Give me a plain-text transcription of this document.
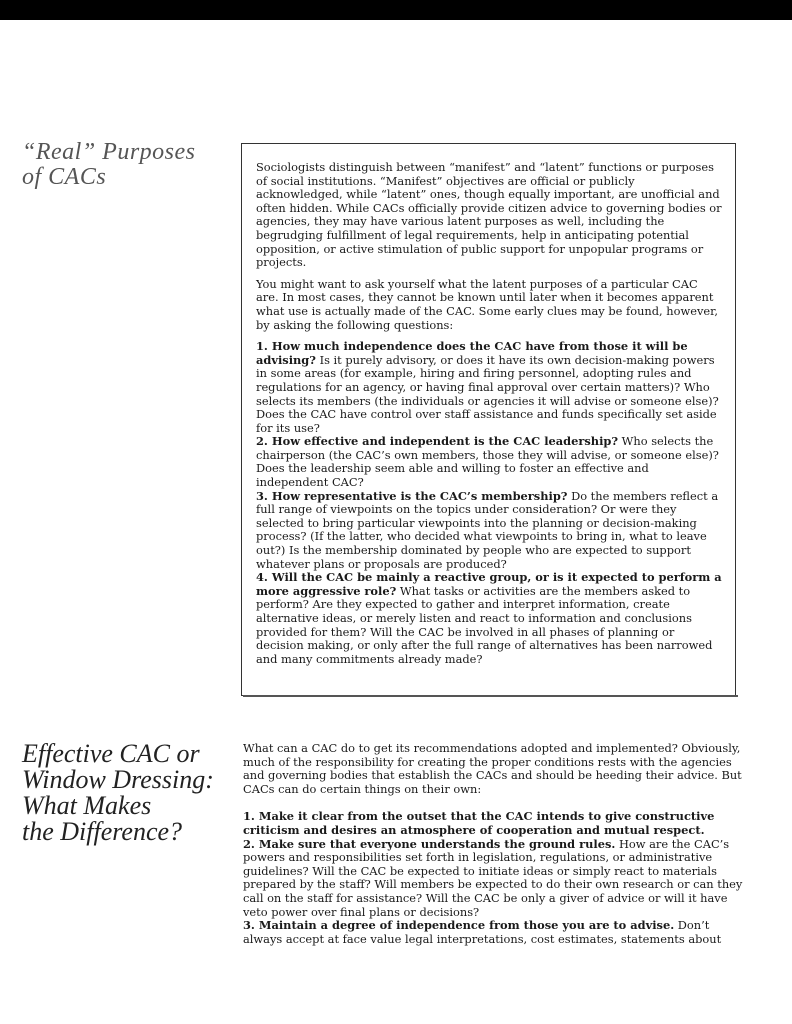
“Real” Purposes
of CACs	Sociologists distinguish between “manifest” and “latent” functions or purposes of social institutions. “Manifest” objectives are official or publicly acknowledged, while “latent” ones, though equally important, are unofficial and often hidden. While CACs officially provide citizen advice to governing bodies or agencies, they may have various latent purposes as well, including the begrudging fulfillment of legal requirements, help in anticipating potential opposition, or active stimulation of public support for unpopular programs or projects.

You might want to ask yourself what the latent purposes of a particular CAC are. In most cases, they cannot be known until later when it becomes apparent what use is actually made of the CAC. Some early clues may be found, however, by asking the following questions:

1. How much independence does the CAC have from those it will be advising? Is it purely advisory, or does it have its own decision-making powers in some areas (for example, hiring and firing personnel, adopting rules and regulations for an agency, or having final approval over certain matters)? Who selects its members (the individuals or agencies it will advise or someone else)? Does the CAC have control over staff assistance and funds specifically set aside for its use?
2. How effective and independent is the CAC leadership? Who selects the chairperson (the CAC’s own members, those they will advise, or someone else)? Does the leadership seem able and willing to foster an effective and independent CAC?
3. How representative is the CAC’s membership? Do the members reflect a full range of viewpoints on the topics under consideration? Or were they selected to bring particular viewpoints into the planning or decision-making process? (If the latter, who decided what viewpoints to bring in, what to leave out?) Is the membership dominated by people who are expected to support whatever plans or proposals are produced?
4. Will the CAC be mainly a reactive group, or is it expected to perform a more aggressive role? What tasks or activities are the members asked to perform? Are they expected to gather and interpret information, create alternative ideas, or merely listen and react to information and conclusions provided for them? Will the CAC be involved in all phases of planning or decision making, or only after the full range of alternatives has been narrowed and many commitments already made?
Effective CAC or
Window Dressing:
What Makes
the Difference?

What can a CAC do to get its recommendations adopted and implemented? Obviously, much of the responsibility for creating the proper conditions rests with the agencies and governing bodies that establish the CACs and should be heeding their advice. But CACs can do certain things on their own:

1. Make it clear from the outset that the CAC intends to give constructive criticism and desires an atmosphere of cooperation and mutual respect.
2. Make sure that everyone understands the ground rules. How are the CAC’s powers and responsibilities set forth in legislation, regulations, or administrative guidelines? Will the CAC be expected to initiate ideas or simply react to materials prepared by the staff? Will members be expected to do their own research or can they call on the staff for assistance? Will the CAC be only a giver of advice or will it have veto power over final plans or decisions?
3. Maintain a degree of independence from those you are to advise. Don’t always accept at face value legal interpretations, cost estimates, statements about
